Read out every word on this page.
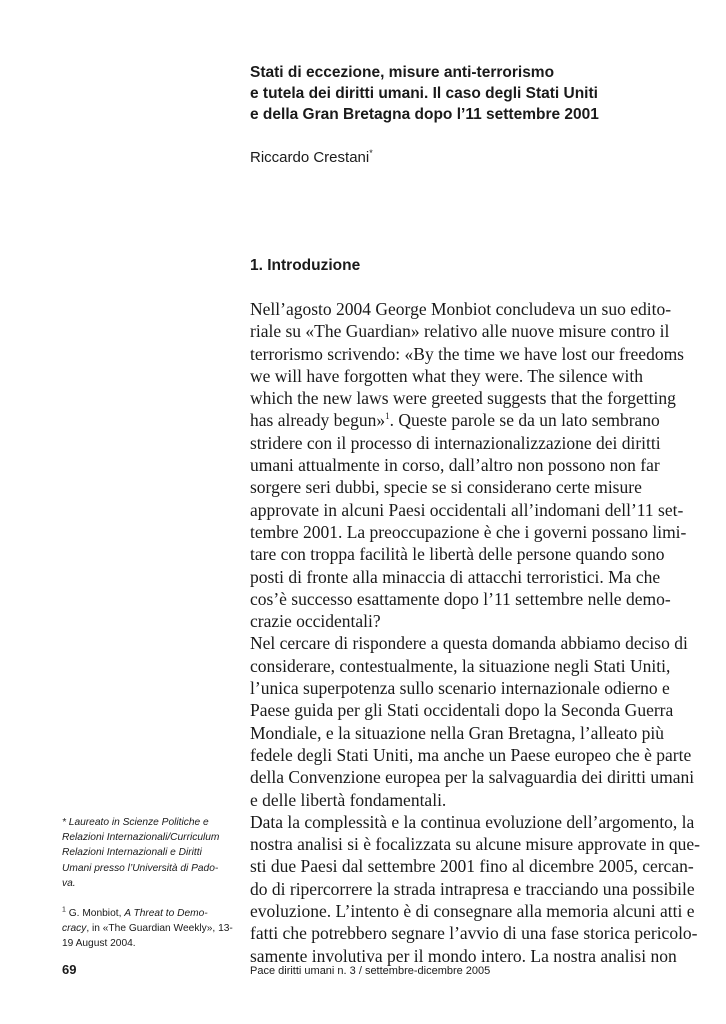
Stati di eccezione, misure anti-terrorismo
e tutela dei diritti umani. Il caso degli Stati Uniti
e della Gran Bretagna dopo l’11 settembre 2001

Riccardo Crestani*

1. Introduzione
Nell’agosto 2004 George Monbiot concludeva un suo edito-
riale su «The Guardian» relativo alle nuove misure contro il
terrorismo scrivendo: «By the time we have lost our freedoms
we will have forgotten what they were. The silence with
which the new laws were greeted suggests that the forgetting
has already begun»$^1$. Queste parole se da un lato sembrano
stridere con il processo di internazionalizzazione dei diritti
umani attualmente in corso, dall’altro non possono non far
sorgere seri dubbi, specie se si considerano certe misure
approvate in alcuni Paesi occidentali all’indomani dell’11 set-
tembre 2001. La preoccupazione è che i governi possano limi-
tare con troppa facilità le libertà delle persone quando sono
posti di fronte alla minaccia di attacchi terroristici. Ma che
cos’è successo esattamente dopo l’11 settembre nelle demo-
crazie occidentali?
Nel cercare di rispondere a questa domanda abbiamo deciso di
considerare, contestualmente, la situazione negli Stati Uniti,
l’unica superpotenza sullo scenario internazionale odierno e
Paese guida per gli Stati occidentali dopo la Seconda Guerra
Mondiale, e la situazione nella Gran Bretagna, l’alleato più
fedele degli Stati Uniti, ma anche un Paese europeo che è parte
della Convenzione europea per la salvaguardia dei diritti umani
e delle libertà fondamentali.
Data la complessità e la continua evoluzione dell’argomento, la
nostra analisi si è focalizzata su alcune misure approvate in que-
sti due Paesi dal settembre 2001 fino al dicembre 2005, cercan-
do di ripercorrere la strada intrapresa e tracciando una possibile
evoluzione. L’intento è di consegnare alla memoria alcuni atti e
fatti che potrebbero segnare l’avvio di una fase storica pericolo-
samente involutiva per il mondo intero. La nostra analisi non
* Laureato in Scienze Politiche e
Relazioni Internazionali/Curriculum
Relazioni Internazionali e Diritti
Umani presso l’Università di Pado-
va.
$^1$ G. Monbiot, A Threat to Demo-
cracy, in «The Guardian Weekly», 13-
19 August 2004.
69	Pace diritti umani n. 3 / settembre-dicembre 2005
